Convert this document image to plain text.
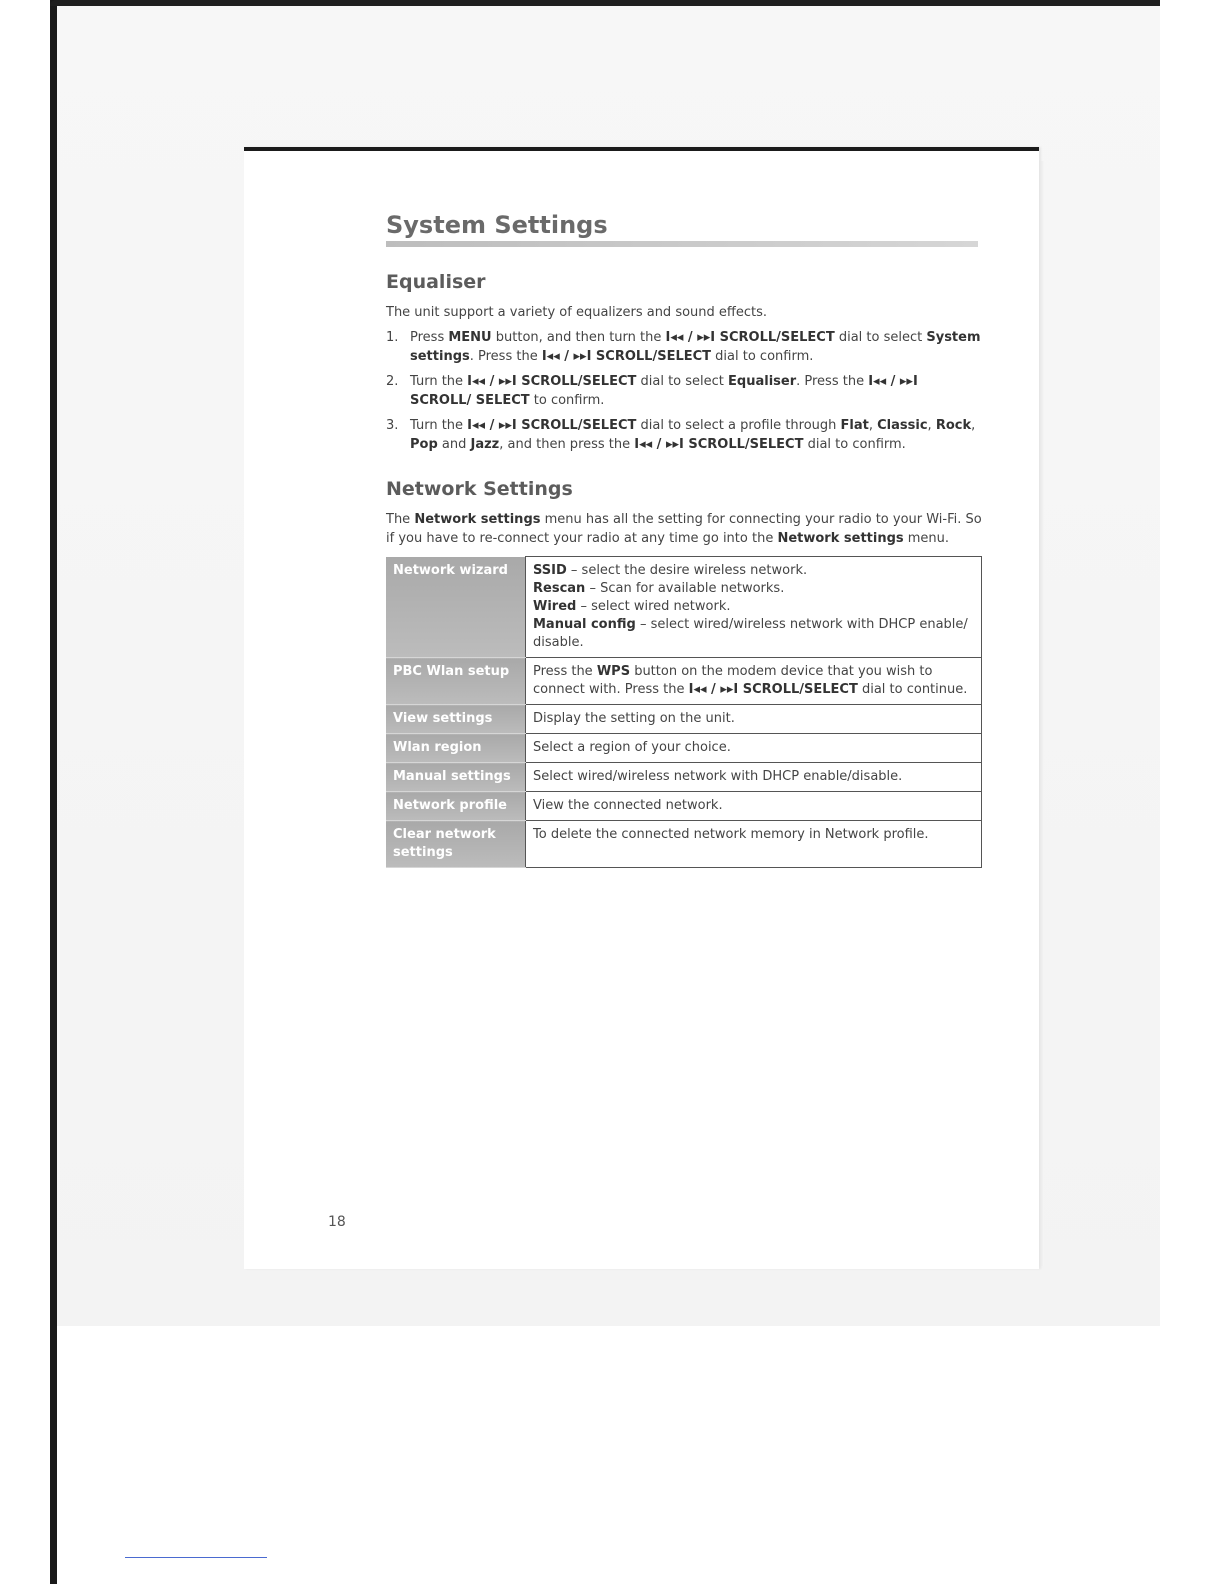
System Settings
Equaliser

The unit support a variety of equalizers and sound effects.

1. Press MENU button, and then turn the I◂◂ / ▸▸I SCROLL/SELECT dial to select System settings. Press the I◂◂ / ▸▸I SCROLL/SELECT dial to confirm.
2. Turn the I◂◂ / ▸▸I SCROLL/SELECT dial to select Equaliser. Press the I◂◂ / ▸▸I SCROLL/ SELECT to confirm.
3. Turn the I◂◂ / ▸▸I SCROLL/SELECT dial to select a profile through Flat, Classic, Rock, Pop and Jazz, and then press the I◂◂ / ▸▸I SCROLL/SELECT dial to confirm.
Network Settings

The Network settings menu has all the setting for connecting your radio to your Wi-Fi. So if you have to re-connect your radio at any time go into the Network settings menu.

Network wizard	SSID – select the desire wireless network.
Rescan – Scan for available networks.
Wired – select wired network.
Manual config – select wired/wireless network with DHCP enable/ disable.

PBC Wlan setup	Press the WPS button on the modem device that you wish to connect with. Press the I◂◂ / ▸▸I SCROLL/SELECT dial to continue.

View settings	Display the setting on the unit.

Wlan region	Select a region of your choice.

Manual settings	Select wired/wireless network with DHCP enable/disable.

Network profile	View the connected network.

Clear network settings	To delete the connected network memory in Network profile.
18
